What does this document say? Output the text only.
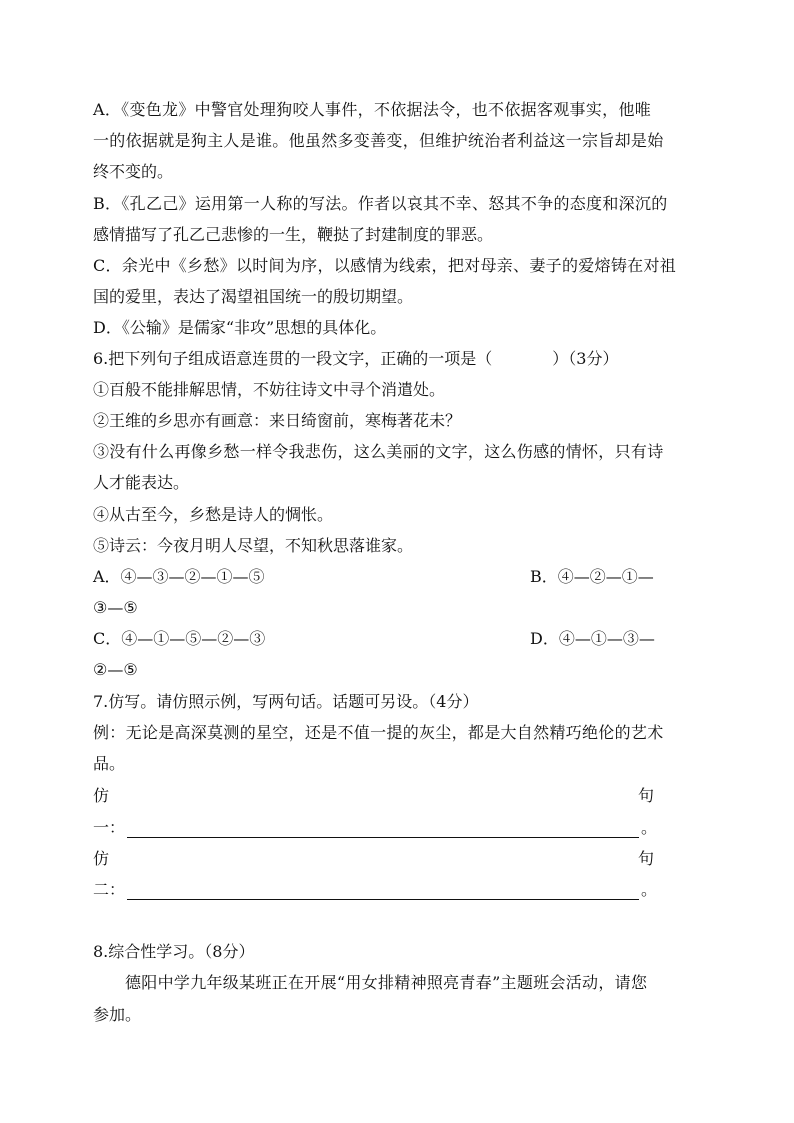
A．《变色龙》中警官处理狗咬人事件，不依据法令，也不依据客观事实，他唯
一的依据就是狗主人是谁。他虽然多变善变，但维护统治者利益这一宗旨却是始
终不变的。
B．《孔乙己》运用第一人称的写法。作者以哀其不幸、怒其不争的态度和深沉的
感情描写了孔乙己悲惨的一生，鞭挞了封建制度的罪恶。
C．余光中《乡愁》以时间为序，以感情为线索，把对母亲、妻子的爱熔铸在对祖
国的爱里，表达了渴望祖国统一的殷切期望。
D．《公输》是儒家“非攻”思想的具体化。
6.把下列句子组成语意连贯的一段文字，正确的一项是（	）（3分）
①百般不能排解思情，不妨往诗文中寻个消遣处。
②王维的乡思亦有画意：来日绮窗前，寒梅著花未？
③没有什么再像乡愁一样令我悲伤，这么美丽的文字，这么伤感的情怀，只有诗
人才能表达。
④从古至今，乡愁是诗人的惆怅。
⑤诗云：今夜月明人尽望，不知秋思落谁家。
A．④—③—②—①—⑤	B．④—②—①—
③—⑤
C．④—①—⑤—②—③	D．④—①—③—
②—⑤
7.仿写。请仿照示例，写两句话。话题可另设。（4分）
例：无论是高深莫测的星空，还是不值一提的灰尘，都是大自然精巧绝伦的艺术
品。
仿	句
一：	。
仿	句
二：	。
8.综合性学习。（8分）
德阳中学九年级某班正在开展“用女排精神照亮青春”主题班会活动，请您
参加。
